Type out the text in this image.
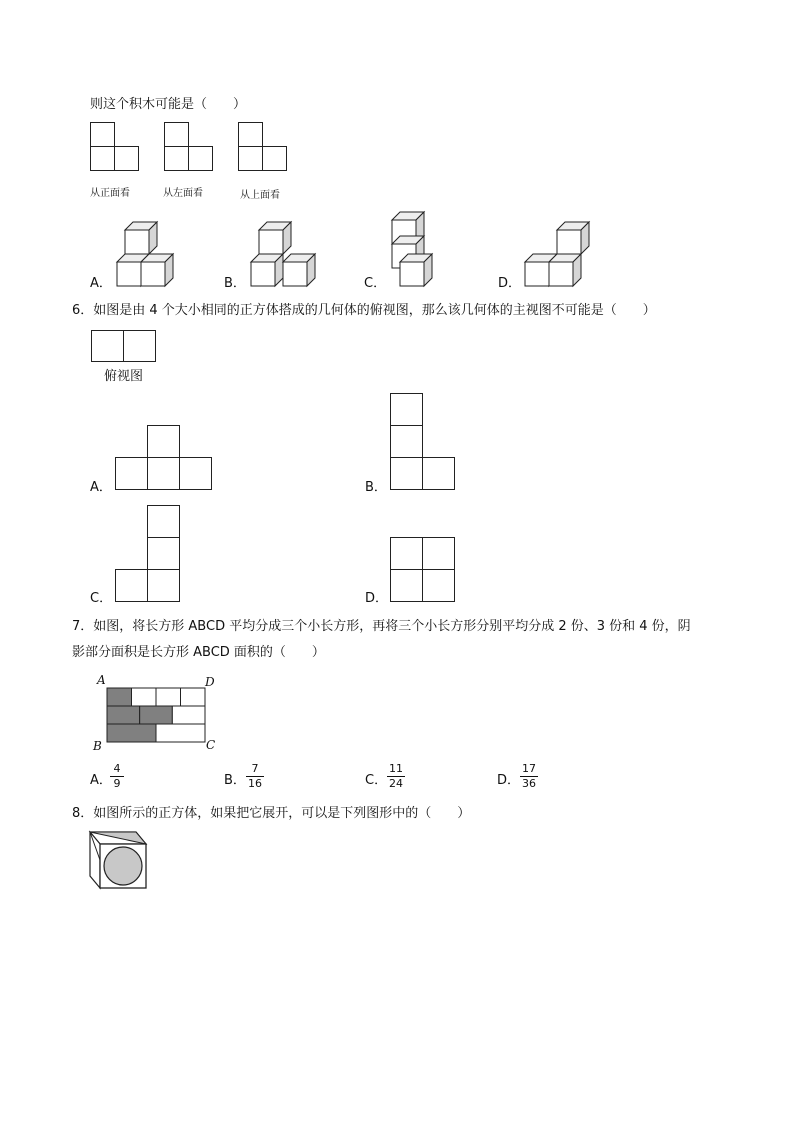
则这个积木可能是（　　）
从正面看	从左面看	从上面看
A．	B．	C．	D．
6．如图是由 4 个大小相同的正方体搭成的几何体的俯视图，那么该几何体的主视图不可能是（　　）
俯视图
A．	B．
C．	D．
7．如图，将长方形 ABCD 平均分成三个小长方形，再将三个小长方形分别平均分成 2 份、3 份和 4 份，阴
影部分面积是长方形 ABCD 面积的（　　）
A	D
B	C
A．
4
9	B．
7
16	C．
11
24	D．
17
36
8．如图所示的正方体，如果把它展开，可以是下列图形中的（　　）
